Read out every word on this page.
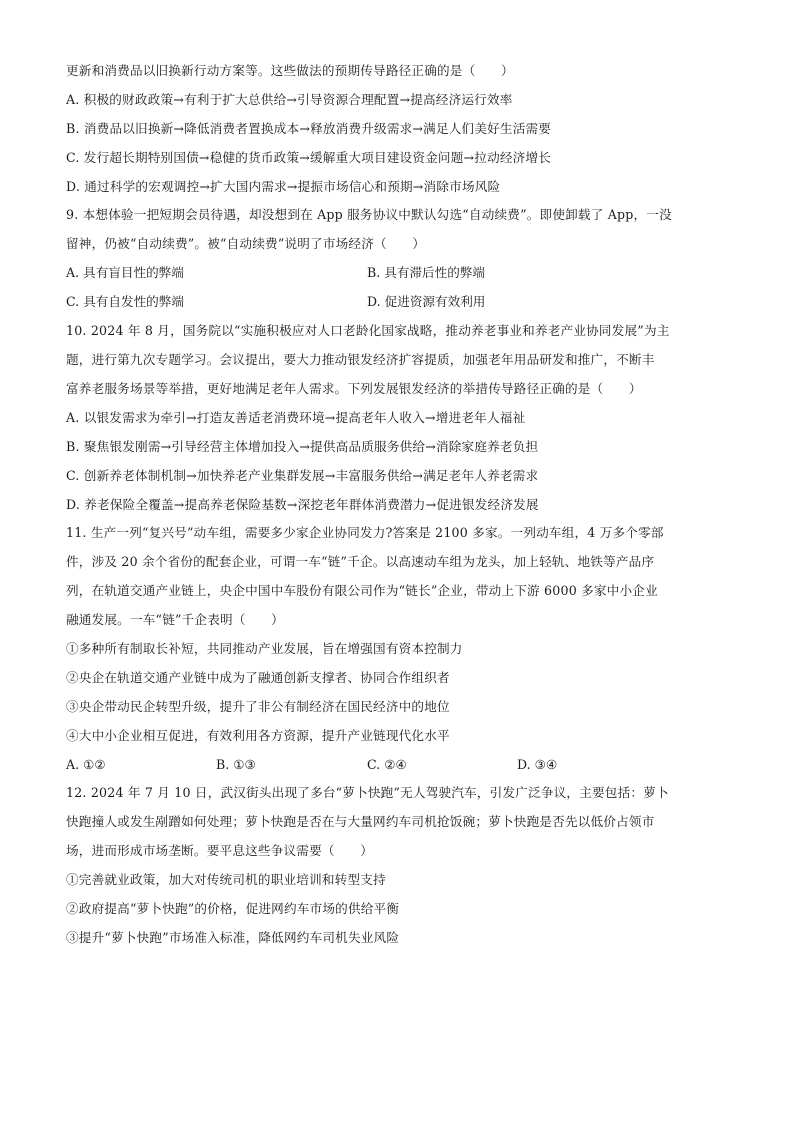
更新和消费品以旧换新行动方案等。这些做法的预期传导路径正确的是（　　）
A. 积极的财政政策→有利于扩大总供给→引导资源合理配置→提高经济运行效率
B. 消费品以旧换新→降低消费者置换成本→释放消费升级需求→满足人们美好生活需要
C. 发行超长期特别国债→稳健的货币政策→缓解重大项目建设资金问题→拉动经济增长
D. 通过科学的宏观调控→扩大国内需求→提振市场信心和预期→消除市场风险
9. 本想体验一把短期会员待遇，却没想到在 App 服务协议中默认勾选“自动续费”。即使卸载了 App，一没
留神，仍被“自动续费”。被“自动续费”说明了市场经济（　　）
A. 具有盲目性的弊端	B. 具有滞后性的弊端
C. 具有自发性的弊端	D. 促进资源有效利用
10. 2024 年 8 月，国务院以“实施积极应对人口老龄化国家战略，推动养老事业和养老产业协同发展”为主
题，进行第九次专题学习。会议提出，要大力推动银发经济扩容提质，加强老年用品研发和推广，不断丰
富养老服务场景等举措，更好地满足老年人需求。下列发展银发经济的举措传导路径正确的是（　　）
A. 以银发需求为牵引→打造友善适老消费环境→提高老年人收入→增进老年人福祉
B. 聚焦银发刚需→引导经营主体增加投入→提供高品质服务供给→消除家庭养老负担
C. 创新养老体制机制→加快养老产业集群发展→丰富服务供给→满足老年人养老需求
D. 养老保险全覆盖→提高养老保险基数→深挖老年群体消费潜力→促进银发经济发展
11. 生产一列“复兴号”动车组，需要多少家企业协同发力?答案是 2100 多家。一列动车组，4 万多个零部
件，涉及 20 余个省份的配套企业，可谓一车“链”千企。以高速动车组为龙头，加上轻轨、地铁等产品序
列，在轨道交通产业链上，央企中国中车股份有限公司作为“链长”企业，带动上下游 6000 多家中小企业
融通发展。一车“链”千企表明（　　）
①多种所有制取长补短，共同推动产业发展，旨在增强国有资本控制力
②央企在轨道交通产业链中成为了融通创新支撑者、协同合作组织者
③央企带动民企转型升级，提升了非公有制经济在国民经济中的地位
④大中小企业相互促进，有效利用各方资源，提升产业链现代化水平
A. ①②	B. ①③	C. ②④	D. ③④
12. 2024 年 7 月 10 日，武汉街头出现了多台“萝卜快跑”无人驾驶汽车，引发广泛争议，主要包括：萝卜
快跑撞人或发生剐蹭如何处理；萝卜快跑是否在与大量网约车司机抢饭碗；萝卜快跑是否先以低价占领市
场，进而形成市场垄断。要平息这些争议需要（　　）
①完善就业政策，加大对传统司机的职业培训和转型支持
②政府提高“萝卜快跑”的价格，促进网约车市场的供给平衡
③提升“萝卜快跑”市场准入标准，降低网约车司机失业风险
